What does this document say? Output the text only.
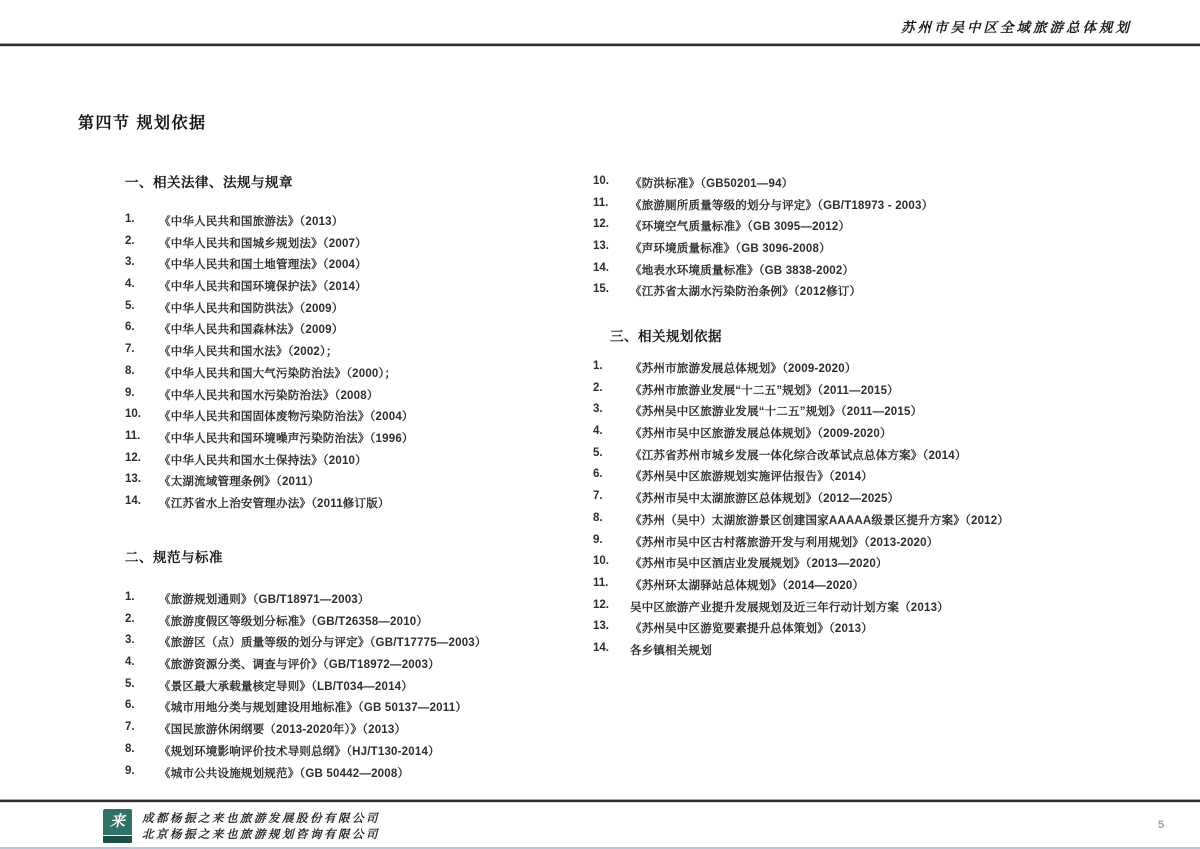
苏州市吴中区全域旅游总体规划
第四节 规划依据
一、相关法律、法规与规章
1.	《中华人民共和国旅游法》（2013）
2.	《中华人民共和国城乡规划法》（2007）
3.	《中华人民共和国土地管理法》（2004）
4.	《中华人民共和国环境保护法》（2014）
5.	《中华人民共和国防洪法》（2009）
6.	《中华人民共和国森林法》（2009）
7.	《中华人民共和国水法》（2002）；
8.	《中华人民共和国大气污染防治法》（2000）；
9.	《中华人民共和国水污染防治法》（2008）
10.	《中华人民共和国固体废物污染防治法》（2004）
11.	《中华人民共和国环境噪声污染防治法》（1996）
12.	《中华人民共和国水土保持法》（2010）
13.	《太湖流域管理条例》（2011）
14.	《江苏省水上治安管理办法》（2011修订版）
二、规范与标准
1.	《旅游规划通则》（GB/T18971—2003）
2.	《旅游度假区等级划分标准》（GB/T26358—2010）
3.	《旅游区（点）质量等级的划分与评定》（GB/T17775—2003）
4.	《旅游资源分类、调查与评价》（GB/T18972—2003）
5.	《景区最大承载量核定导则》（LB/T034—2014）
6.	《城市用地分类与规划建设用地标准》（GB 50137—2011）
7.	《国民旅游休闲纲要（2013-2020年）》（2013）
8.	《规划环境影响评价技术导则总纲》（HJ/T130-2014）
9.	《城市公共设施规划规范》（GB 50442—2008）
10.	《防洪标准》（GB50201—94）
11.	《旅游厕所质量等级的划分与评定》（GB/T18973 - 2003）
12.	《环境空气质量标准》（GB 3095—2012）
13.	《声环境质量标准》（GB 3096-2008）
14.	《地表水环境质量标准》（GB 3838-2002）
15.	《江苏省太湖水污染防治条例》（2012修订）
三、相关规划依据
1.	《苏州市旅游发展总体规划》（2009-2020）
2.	《苏州市旅游业发展“十二五”规划》（2011—2015）
3.	《苏州吴中区旅游业发展“十二五”规划》（2011—2015）
4.	《苏州市吴中区旅游发展总体规划》（2009-2020）
5.	《江苏省苏州市城乡发展一体化综合改革试点总体方案》（2014）
6.	《苏州吴中区旅游规划实施评估报告》（2014）
7.	《苏州市吴中太湖旅游区总体规划》（2012—2025）
8.	《苏州（吴中）太湖旅游景区创建国家AAAAA级景区提升方案》（2012）
9.	《苏州市吴中区古村落旅游开发与利用规划》（2013-2020）
10.	《苏州市吴中区酒店业发展规划》（2013—2020）
11.	《苏州环太湖驿站总体规划》（2014—2020）
12.	吴中区旅游产业提升发展规划及近三年行动计划方案（2013）
13.	《苏州吴中区游览要素提升总体策划》（2013）
14.	各乡镇相关规划
来	成都杨振之来也旅游发展股份有限公司
北京杨振之来也旅游规划咨询有限公司
5
